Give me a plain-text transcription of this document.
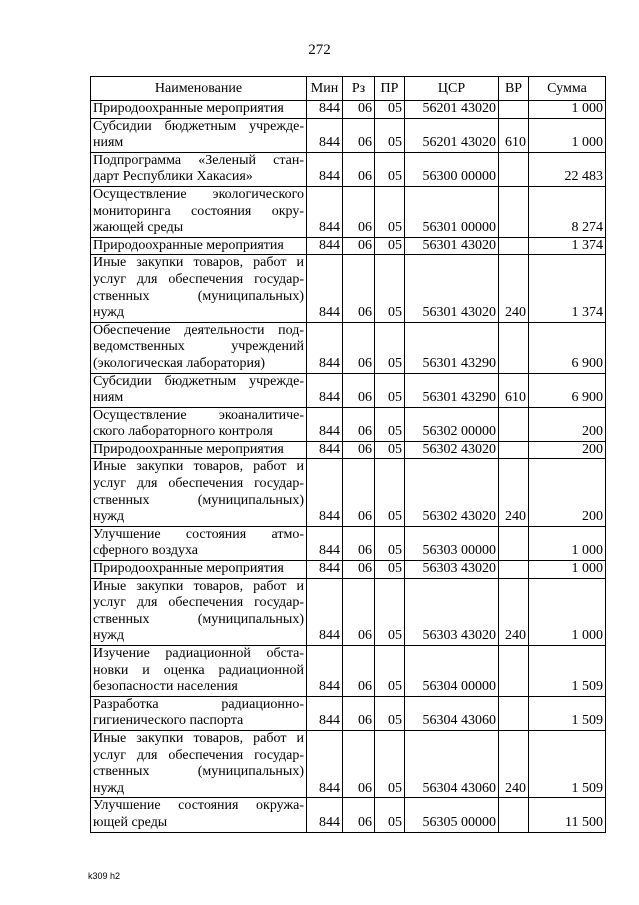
272
Наименование	Мин	Рз	ПР	ЦСР	ВР	Сумма

Природоохранные мероприятия	844	06	05	56201 43020		1 000

Субсидии бюджетным учрежде-
ниям	844	06	05	56201 43020	610	1 000

Подпрограмма «Зеленый стан-
дарт Республики Хакасия»	844	06	05	56300 00000		22 483

Осуществление экологического
мониторинга состояния окру-
жающей среды	844	06	05	56301 00000		8 274

Природоохранные мероприятия	844	06	05	56301 43020		1 374

Иные закупки товаров, работ и
услуг для обеспечения государ-
ственных (муниципальных)
нужд	844	06	05	56301 43020	240	1 374

Обеспечение деятельности под-
ведомственных учреждений
(экологическая лаборатория)	844	06	05	56301 43290		6 900

Субсидии бюджетным учрежде-
ниям	844	06	05	56301 43290	610	6 900

Осуществление экоаналитиче-
ского лабораторного контроля	844	06	05	56302 00000		200

Природоохранные мероприятия	844	06	05	56302 43020		200

Иные закупки товаров, работ и
услуг для обеспечения государ-
ственных (муниципальных)
нужд	844	06	05	56302 43020	240	200

Улучшение состояния атмо-
сферного воздуха	844	06	05	56303 00000		1 000

Природоохранные мероприятия	844	06	05	56303 43020		1 000

Иные закупки товаров, работ и
услуг для обеспечения государ-
ственных (муниципальных)
нужд	844	06	05	56303 43020	240	1 000

Изучение радиационной обста-
новки и оценка радиационной
безопасности населения	844	06	05	56304 00000		1 509

Разработка радиационно-
гигиенического паспорта	844	06	05	56304 43060		1 509

Иные закупки товаров, работ и
услуг для обеспечения государ-
ственных (муниципальных)
нужд	844	06	05	56304 43060	240	1 509

Улучшение состояния окружа-
ющей среды	844	06	05	56305 00000		11 500
k309 h2
